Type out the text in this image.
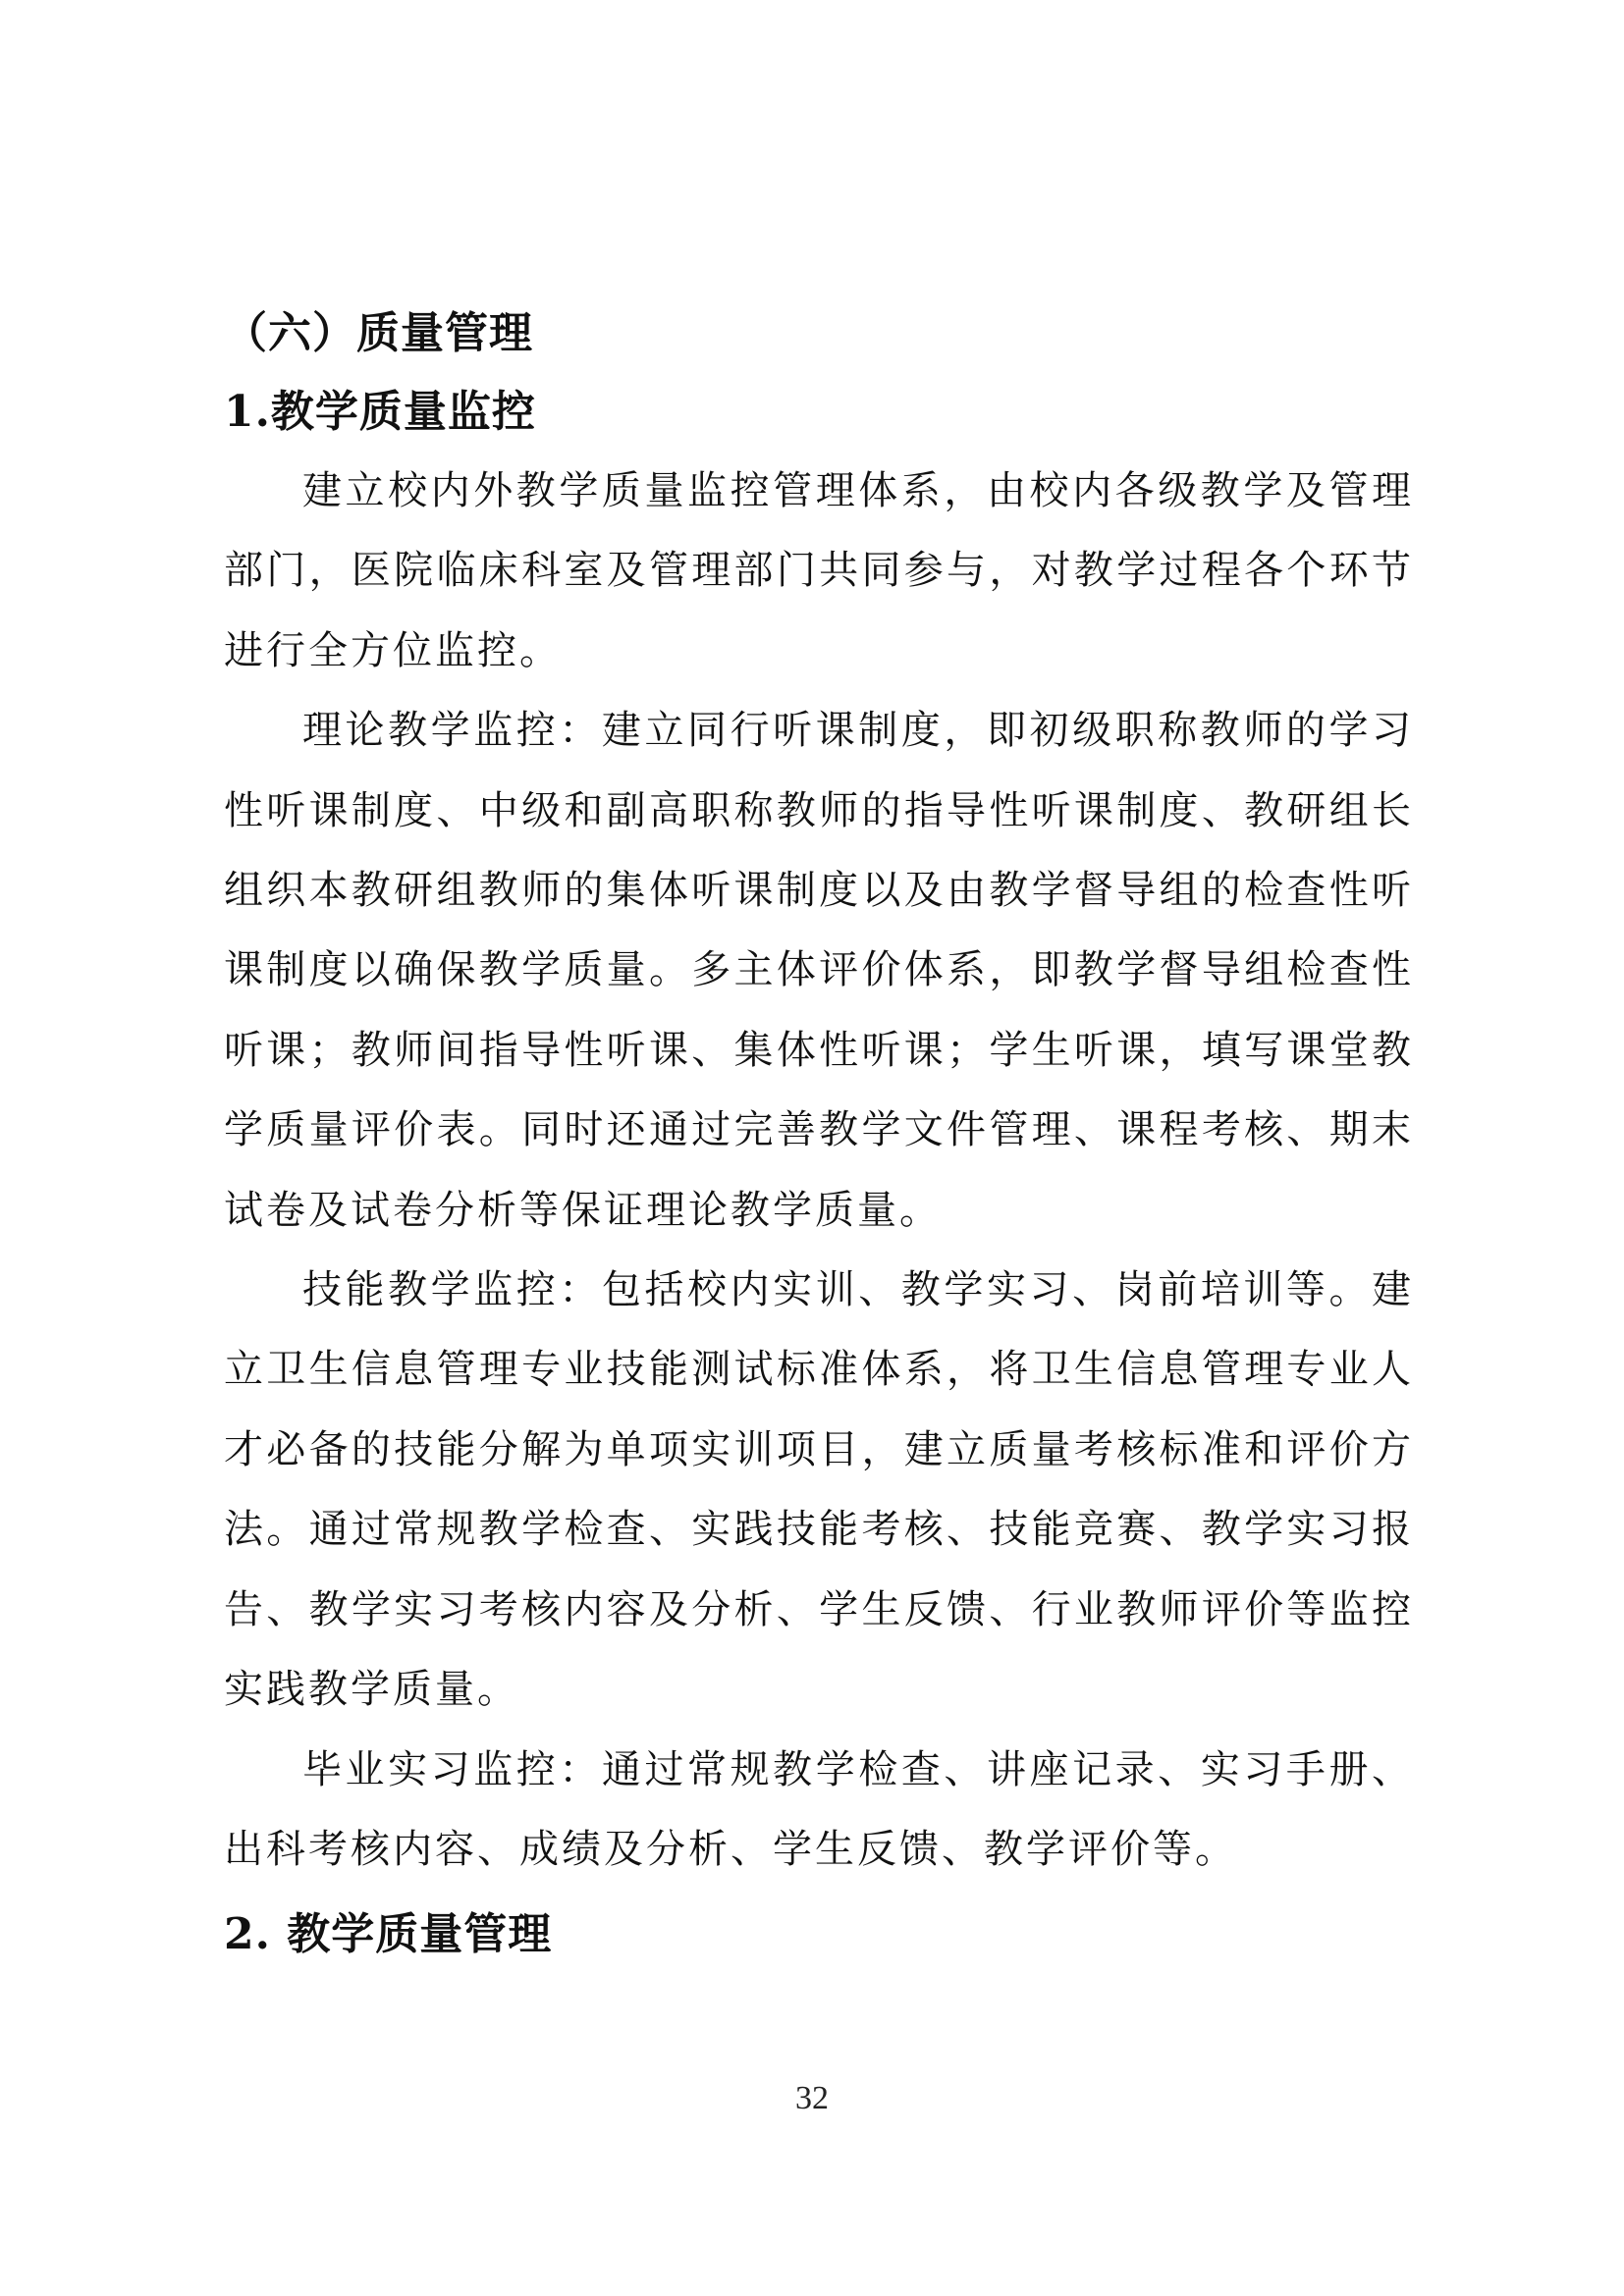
（六）质量管理
1.教学质量监控

建立校内外教学质量监控管理体系，由校内各级教学及管理部门，医院临床科室及管理部门共同参与，对教学过程各个环节进行全方位监控。

理论教学监控：建立同行听课制度，即初级职称教师的学习性听课制度、中级和副高职称教师的指导性听课制度、教研组长组织本教研组教师的集体听课制度以及由教学督导组的检查性听课制度以确保教学质量。多主体评价体系，即教学督导组检查性听课；教师间指导性听课、集体性听课；学生听课，填写课堂教学质量评价表。同时还通过完善教学文件管理、课程考核、期末试卷及试卷分析等保证理论教学质量。

技能教学监控：包括校内实训、教学实习、岗前培训等。建立卫生信息管理专业技能测试标准体系，将卫生信息管理专业人才必备的技能分解为单项实训项目，建立质量考核标准和评价方法。通过常规教学检查、实践技能考核、技能竞赛、教学实习报告、教学实习考核内容及分析、学生反馈、行业教师评价等监控实践教学质量。

毕业实习监控：通过常规教学检查、讲座记录、实习手册、出科考核内容、成绩及分析、学生反馈、教学评价等。

2. 教学质量管理
32
